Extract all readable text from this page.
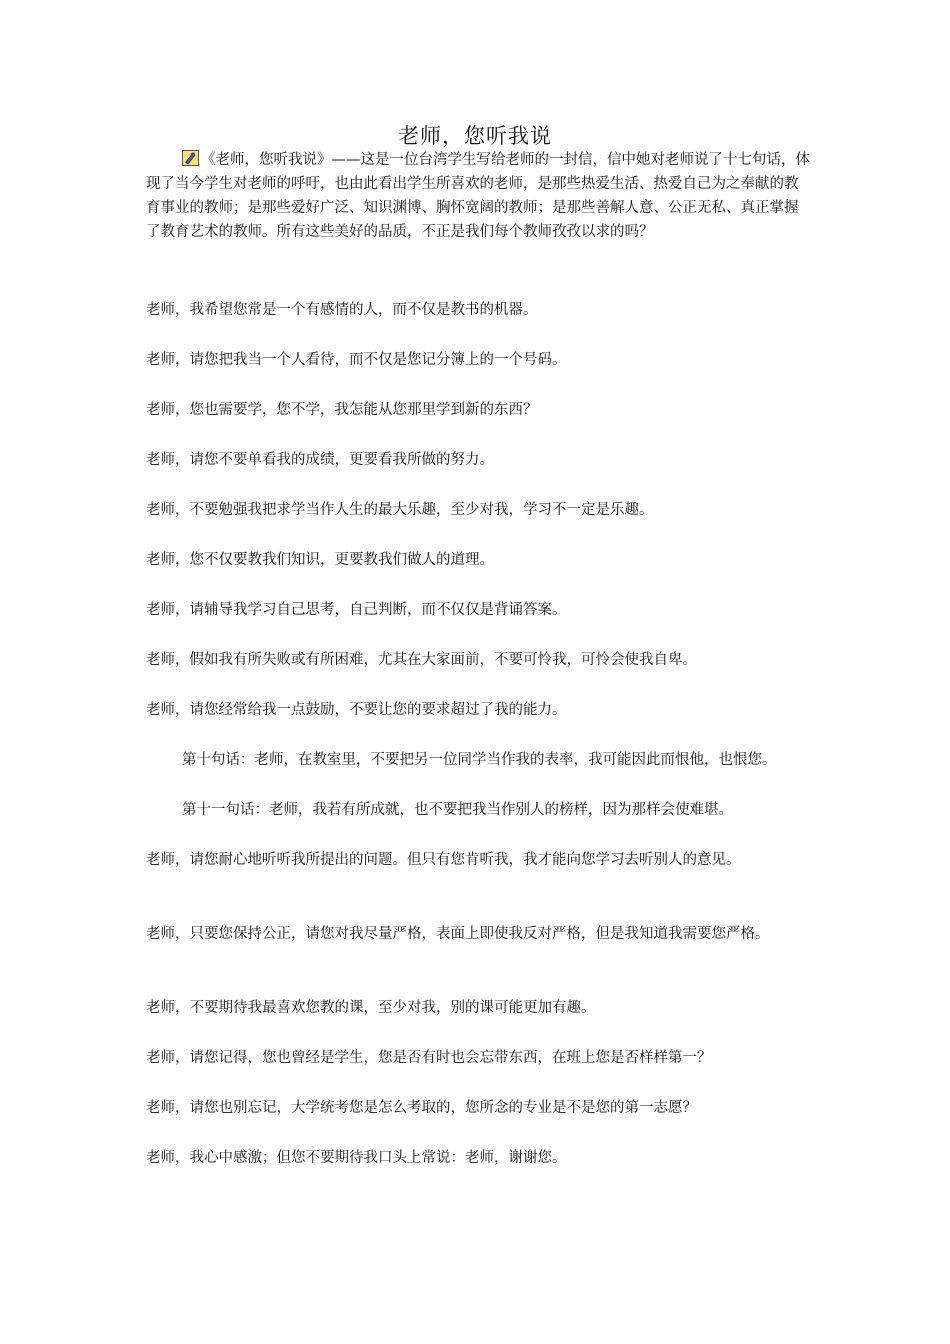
老师，您听我说

《老师，您听我说》——这是一位台湾学生写给老师的一封信，信中她对老师说了十七句话，体现了当今学生对老师的呼吁，也由此看出学生所喜欢的老师，是那些热爱生活、热爱自己为之奉献的教育事业的教师；是那些爱好广泛、知识渊博、胸怀宽阔的教师；是那些善解人意、公正无私、真正掌握了教育艺术的教师。所有这些美好的品质，不正是我们每个教师孜孜以求的吗？

老师，我希望您常是一个有感情的人，而不仅是教书的机器。

老师，请您把我当一个人看待，而不仅是您记分簿上的一个号码。

老师，您也需要学，您不学，我怎能从您那里学到新的东西？

老师，请您不要单看我的成绩，更要看我所做的努力。

老师，不要勉强我把求学当作人生的最大乐趣，至少对我，学习不一定是乐趣。

老师，您不仅要教我们知识，更要教我们做人的道理。

老师，请辅导我学习自己思考，自己判断，而不仅仅是背诵答案。

老师，假如我有所失败或有所困难，尤其在大家面前，不要可怜我，可怜会使我自卑。

老师，请您经常给我一点鼓励，不要让您的要求超过了我的能力。

第十句话：老师，在教室里，不要把另一位同学当作我的表率，我可能因此而恨他，也恨您。

第十一句话：老师，我若有所成就，也不要把我当作别人的榜样，因为那样会使难堪。

老师，请您耐心地听听我所提出的问题。但只有您肯听我，我才能向您学习去听别人的意见。

老师，只要您保持公正，请您对我尽量严格，表面上即使我反对严格，但是我知道我需要您严格。

老师，不要期待我最喜欢您教的课，至少对我，别的课可能更加有趣。

老师，请您记得，您也曾经是学生，您是否有时也会忘带东西，在班上您是否样样第一？

老师，请您也别忘记，大学统考您是怎么考取的，您所念的专业是不是您的第一志愿？

老师，我心中感激；但您不要期待我口头上常说：老师，谢谢您。
